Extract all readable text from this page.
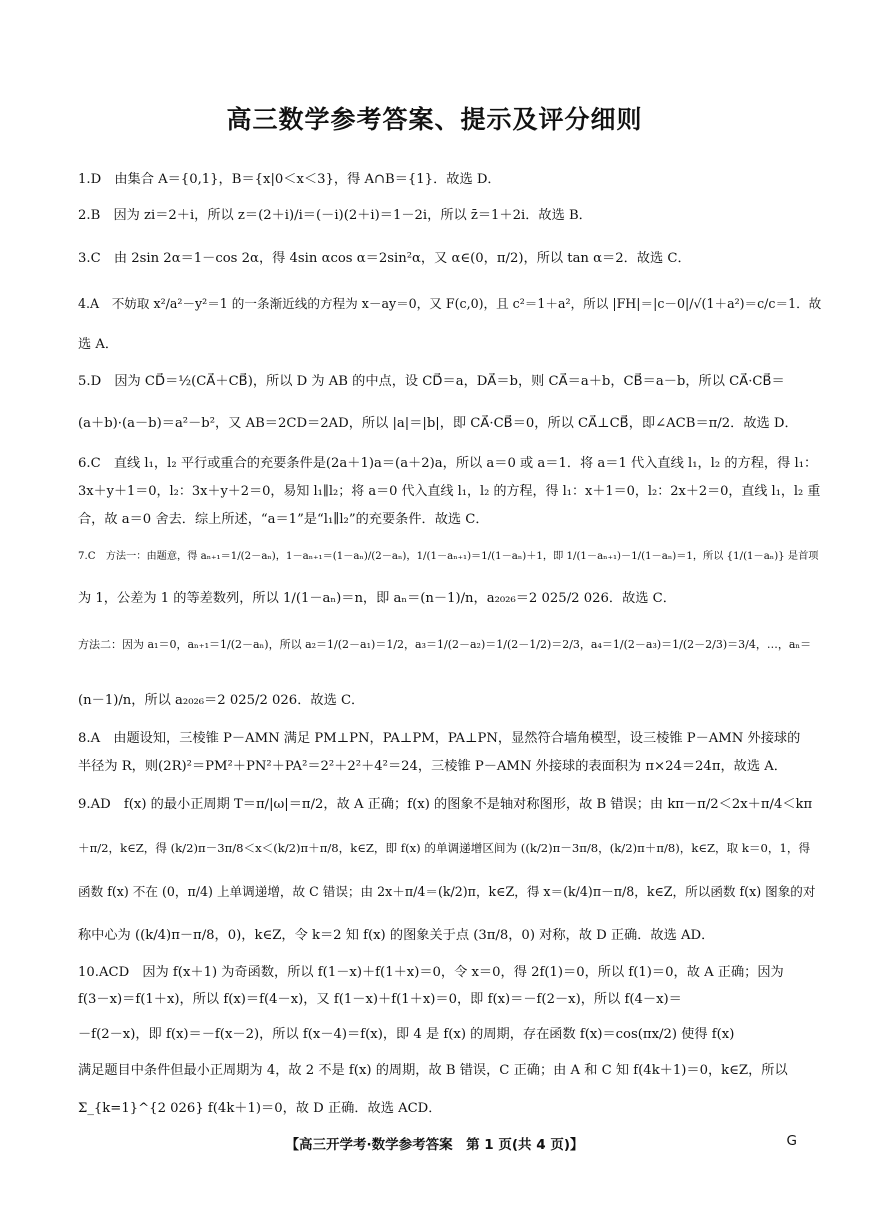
高三数学参考答案、提示及评分细则
1.D　由集合 A＝{0,1}，B＝{x|0＜x＜3}，得 A∩B＝{1}．故选 D．
2.B　因为 zi＝2＋i，所以 z＝(2＋i)/i＝(－i)(2＋i)＝1－2i，所以 z̄＝1＋2i．故选 B．
3.C　由 2sin 2α＝1－cos 2α，得 4sin αcos α＝2sin²α，又 α∈(0，π/2)，所以 tan α＝2．故选 C．
4.A　不妨取 x²/a²－y²＝1 的一条渐近线的方程为 x－ay＝0，又 F(c,0)，且 c²＝1＋a²，所以 |FH|＝|c－0|/√(1＋a²)＝c/c＝1．故
选 A．
5.D　因为 CD⃗＝½(CA⃗＋CB⃗)，所以 D 为 AB 的中点，设 CD⃗＝a，DA⃗＝b，则 CA⃗＝a＋b，CB⃗＝a－b，所以 CA⃗·CB⃗＝
(a＋b)·(a－b)＝a²－b²，又 AB＝2CD＝2AD，所以 |a|＝|b|，即 CA⃗·CB⃗＝0，所以 CA⃗⊥CB⃗，即∠ACB＝π/2．故选 D．
6.C　直线 l₁，l₂ 平行或重合的充要条件是(2a＋1)a＝(a＋2)a，所以 a＝0 或 a＝1．将 a＝1 代入直线 l₁，l₂ 的方程，得 l₁：
3x＋y＋1＝0，l₂：3x＋y＋2＝0，易知 l₁∥l₂；将 a＝0 代入直线 l₁，l₂ 的方程，得 l₁：x＋1＝0，l₂：2x＋2＝0，直线 l₁，l₂ 重
合，故 a＝0 舍去．综上所述，“a＝1”是“l₁∥l₂”的充要条件．故选 C．
7.C　方法一：由题意，得 aₙ₊₁＝1/(2－aₙ)，1－aₙ₊₁＝(1－aₙ)/(2－aₙ)，1/(1－aₙ₊₁)＝1/(1－aₙ)＋1，即 1/(1－aₙ₊₁)－1/(1－aₙ)＝1，所以 {1/(1－aₙ)} 是首项
为 1，公差为 1 的等差数列，所以 1/(1－aₙ)＝n，即 aₙ＝(n－1)/n，a₂₀₂₆＝2 025/2 026．故选 C．
方法二：因为 a₁＝0，aₙ₊₁＝1/(2－aₙ)，所以 a₂＝1/(2－a₁)＝1/2，a₃＝1/(2－a₂)＝1/(2－1/2)＝2/3，a₄＝1/(2－a₃)＝1/(2－2/3)＝3/4，…，aₙ＝
(n－1)/n，所以 a₂₀₂₆＝2 025/2 026．故选 C．
8.A　由题设知，三棱锥 P－AMN 满足 PM⊥PN，PA⊥PM，PA⊥PN，显然符合墙角模型，设三棱锥 P－AMN 外接球的
半径为 R，则(2R)²＝PM²＋PN²＋PA²＝2²＋2²＋4²＝24，三棱锥 P－AMN 外接球的表面积为 π×24＝24π，故选 A．
9.AD　f(x) 的最小正周期 T＝π/|ω|＝π/2，故 A 正确；f(x) 的图象不是轴对称图形，故 B 错误；由 kπ－π/2＜2x＋π/4＜kπ
＋π/2，k∈Z，得 (k/2)π－3π/8＜x＜(k/2)π＋π/8，k∈Z，即 f(x) 的单调递增区间为 ((k/2)π－3π/8，(k/2)π＋π/8)，k∈Z，取 k＝0，1，得
函数 f(x) 不在 (0，π/4) 上单调递增，故 C 错误；由 2x＋π/4＝(k/2)π，k∈Z，得 x＝(k/4)π－π/8，k∈Z，所以函数 f(x) 图象的对
称中心为 ((k/4)π－π/8，0)，k∈Z，令 k＝2 知 f(x) 的图象关于点 (3π/8，0) 对称，故 D 正确．故选 AD．
10.ACD　因为 f(x＋1) 为奇函数，所以 f(1－x)＋f(1＋x)＝0，令 x＝0，得 2f(1)＝0，所以 f(1)＝0，故 A 正确；因为
f(3－x)＝f(1＋x)，所以 f(x)＝f(4－x)，又 f(1－x)＋f(1＋x)＝0，即 f(x)＝－f(2－x)，所以 f(4－x)＝
－f(2－x)，即 f(x)＝－f(x－2)，所以 f(x－4)＝f(x)，即 4 是 f(x) 的周期，存在函数 f(x)＝cos(πx/2) 使得 f(x)
满足题目中条件但最小正周期为 4，故 2 不是 f(x) 的周期，故 B 错误，C 正确；由 A 和 C 知 f(4k＋1)＝0，k∈Z，所以
Σ_{k=1}^{2 026} f(4k＋1)＝0，故 D 正确．故选 ACD．
【高三开学考·数学参考答案　第 1 页(共 4 页)】	G
